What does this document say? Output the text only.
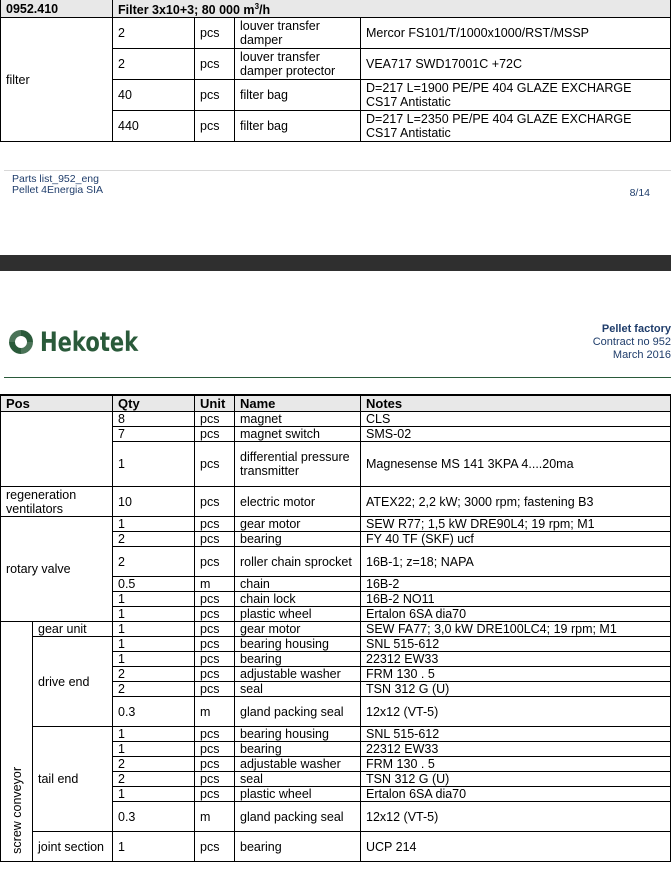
0952.410	Filter 3x10+3; 80 000 $m^3/h$			
filter	2	pcs	louver transfer damper	Mercor FS101/T/1000x1000/RST/MSSP
	2	pcs	louver transfer damper protector	VEA717 SWD17001C +72C
	40	pcs	filter bag	D=217 L=1900 PE/PE 404 GLAZE EXCHARGE CS17 Antistatic
	440	pcs	filter bag	D=217 L=2350 PE/PE 404 GLAZE EXCHARGE CS17 Antistatic
Parts list_952_eng
Pellet 4Energia SIA	8/14
Hekotek	Pellet factory
Contract no 952
March 2016
Pos		Qty	Unit	Name	Notes
		8	pcs	magnet	CLS
		7	pcs	magnet switch	SMS-02
		1	pcs	differential pressure transmitter	Magnesense MS 141 3KPA 4....20ma
regeneration ventilators		10	pcs	electric motor	ATEX22; 2,2 kW; 3000 rpm; fastening B3
rotary valve		1	pcs	gear motor	SEW R77; 1,5 kW DRE90L4; 19 rpm; M1
		2	pcs	bearing	FY 40 TF (SKF) ucf
		2	pcs	roller chain sprocket	16B-1; z=18; NAPA
		0.5	m	chain	16B-2
		1	pcs	chain lock	16B-2 NO11
		1	pcs	plastic wheel	Ertalon 6SA dia70
screw conveyor	gear unit	1	pcs	gear motor	SEW FA77; 3,0 kW DRE100LC4; 19 rpm; M1
	drive end	1	pcs	bearing housing	SNL 515-612
		1	pcs	bearing	22312 EW33
		2	pcs	adjustable washer	FRM 130 . 5
		2	pcs	seal	TSN 312 G (U)
		0.3	m	gland packing seal	12x12 (VT-5)
	tail end	1	pcs	bearing housing	SNL 515-612
		1	pcs	bearing	22312 EW33
		2	pcs	adjustable washer	FRM 130 . 5
		2	pcs	seal	TSN 312 G (U)
		1	pcs	plastic wheel	Ertalon 6SA dia70
		0.3	m	gland packing seal	12x12 (VT-5)
	joint section	1	pcs	bearing	UCP 214
